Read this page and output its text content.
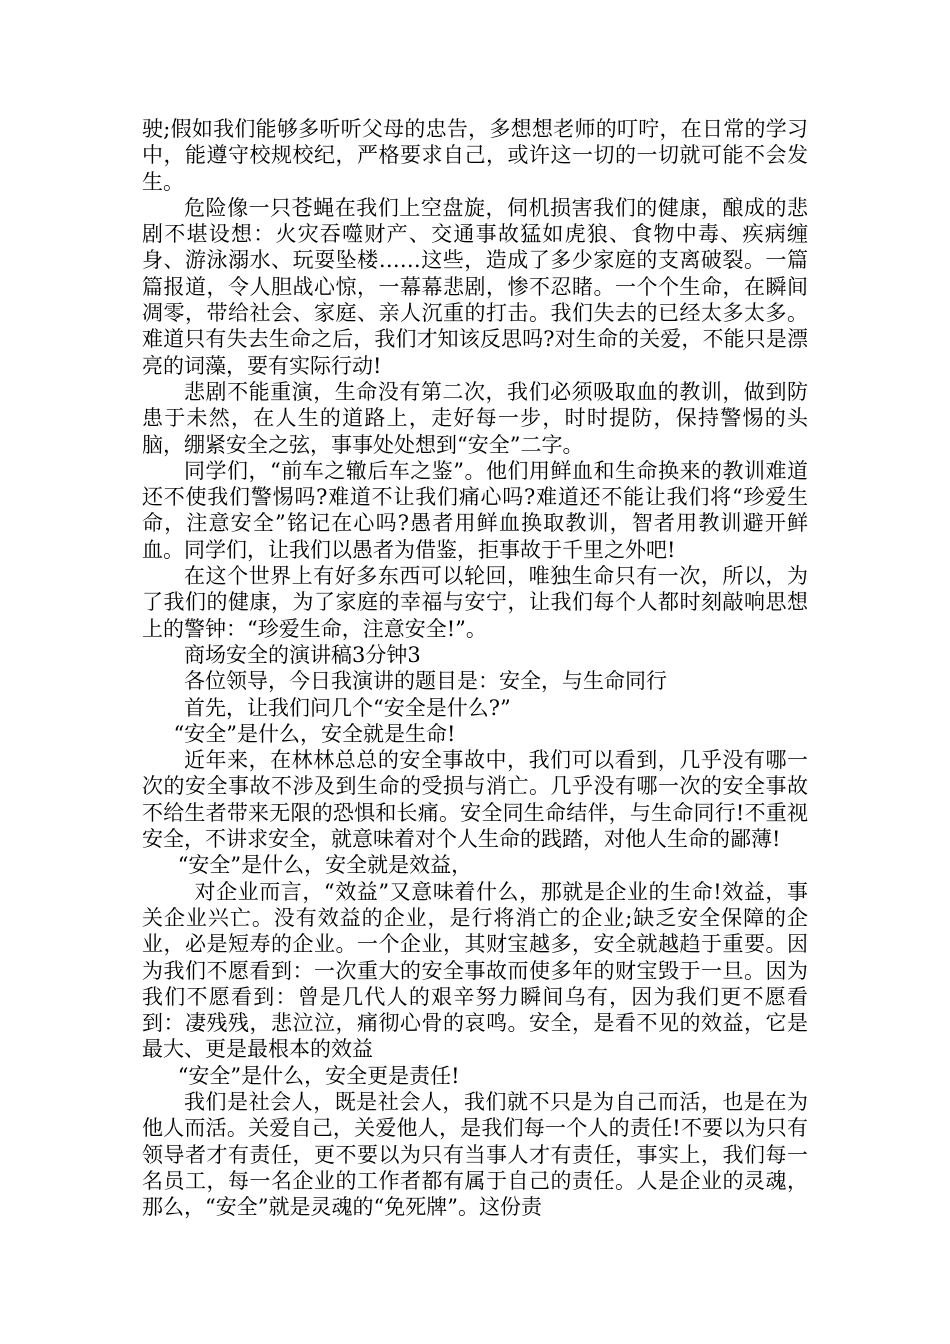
驶;假如我们能够多听听父母的忠告，多想想老师的叮咛，在日常的学习中，能遵守校规校纪，严格要求自己，或许这一切的一切就可能不会发生。

危险像一只苍蝇在我们上空盘旋，伺机损害我们的健康，酿成的悲剧不堪设想：火灾吞噬财产、交通事故猛如虎狼、食物中毒、疾病缠身、游泳溺水、玩耍坠楼……这些，造成了多少家庭的支离破裂。一篇篇报道，令人胆战心惊，一幕幕悲剧，惨不忍睹。一个个生命，在瞬间凋零，带给社会、家庭、亲人沉重的打击。我们失去的已经太多太多。难道只有失去生命之后，我们才知该反思吗?对生命的关爱，不能只是漂亮的词藻，要有实际行动!

悲剧不能重演，生命没有第二次，我们必须吸取血的教训，做到防患于未然，在人生的道路上，走好每一步，时时提防，保持警惕的头脑，绷紧安全之弦，事事处处想到“安全”二字。

同学们，“前车之辙后车之鉴”。他们用鲜血和生命换来的教训难道还不使我们警惕吗?难道不让我们痛心吗?难道还不能让我们将“珍爱生命，注意安全”铭记在心吗?愚者用鲜血换取教训，智者用教训避开鲜血。同学们，让我们以愚者为借鉴，拒事故于千里之外吧!

在这个世界上有好多东西可以轮回，唯独生命只有一次，所以，为了我们的健康，为了家庭的幸福与安宁，让我们每个人都时刻敲响思想上的警钟：“珍爱生命，注意安全!”。

商场安全的演讲稿3分钟3

各位领导，今日我演讲的题目是：安全，与生命同行

首先，让我们问几个“安全是什么?”

“安全”是什么，安全就是生命!

近年来，在林林总总的安全事故中，我们可以看到，几乎没有哪一次的安全事故不涉及到生命的受损与消亡。几乎没有哪一次的安全事故不给生者带来无限的恐惧和长痛。安全同生命结伴，与生命同行!不重视安全，不讲求安全，就意味着对个人生命的践踏，对他人生命的鄙薄!

“安全”是什么，安全就是效益，

对企业而言，“效益”又意味着什么，那就是企业的生命!效益，事关企业兴亡。没有效益的企业，是行将消亡的企业;缺乏安全保障的企业，必是短寿的企业。一个企业，其财宝越多，安全就越趋于重要。因为我们不愿看到：一次重大的安全事故而使多年的财宝毁于一旦。因为我们不愿看到：曾是几代人的艰辛努力瞬间乌有，因为我们更不愿看到：凄残残，悲泣泣，痛彻心骨的哀鸣。安全，是看不见的效益，它是最大、更是最根本的效益

“安全”是什么，安全更是责任!

我们是社会人，既是社会人，我们就不只是为自己而活，也是在为他人而活。关爱自己，关爱他人，是我们每一个人的责任!不要以为只有领导者才有责任，更不要以为只有当事人才有责任，事实上，我们每一名员工，每一名企业的工作者都有属于自己的责任。人是企业的灵魂，那么，“安全”就是灵魂的“免死牌”。这份责
